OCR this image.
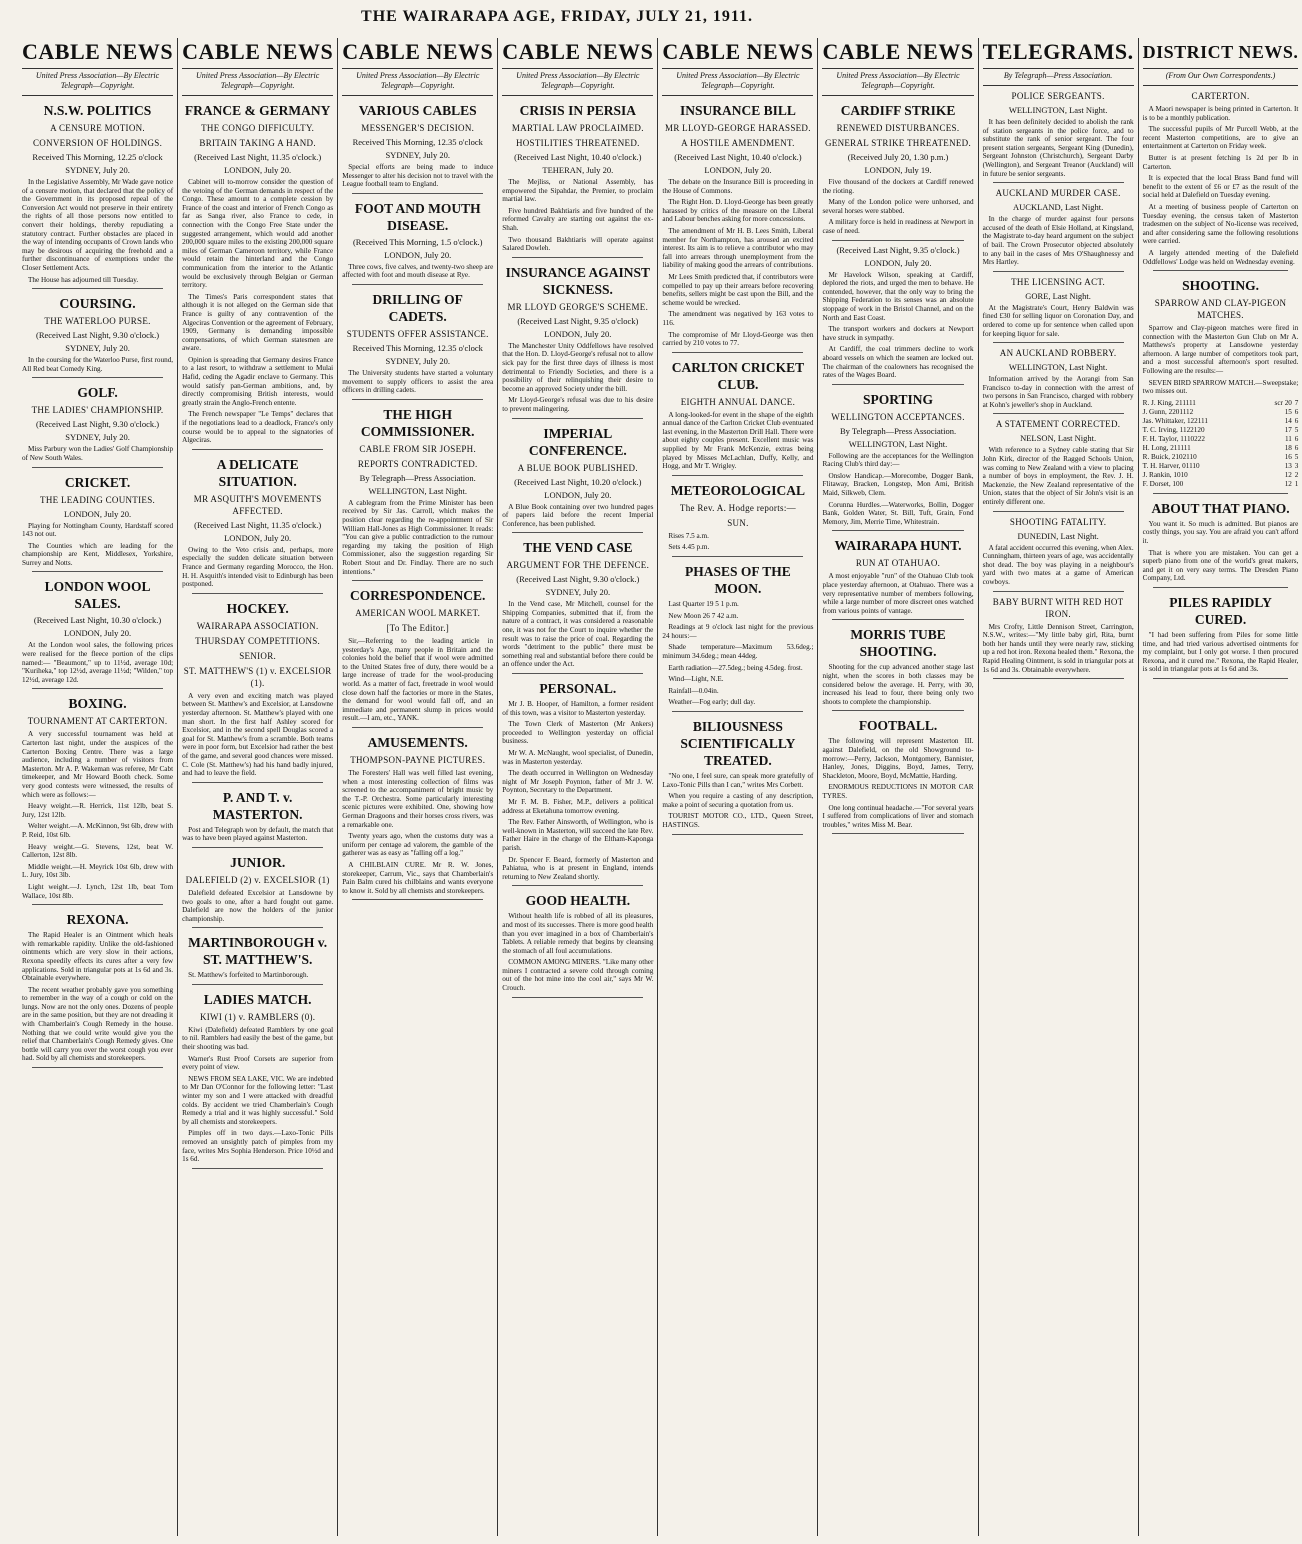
THE WAIRARAPA AGE, FRIDAY, JULY 21, 1911.
CABLE NEWS
United Press Association—By Electric Telegraph—Copyright.
N.S.W. POLITICS
A CENSURE MOTION.
CONVERSION OF HOLDINGS.
Received This Morning, 12.25 o'clock
SYDNEY, July 20.

In the Legislative Assembly, Mr Wade gave notice of a censure motion, that declared that the policy of the Government in its proposed repeal of the Conversion Act would not preserve in their entirety the rights of all those persons now entitled to convert their holdings, thereby repudiating a statutory contract. Further obstacles are placed in the way of intending occupants of Crown lands who may be desirous of acquiring the freehold and a further discontinuance of exemptions under the Closer Settlement Acts.

The House has adjourned till Tuesday.

COURSING.
THE WATERLOO PURSE.
(Received Last Night, 9.30 o'clock.)
SYDNEY, July 20.

In the coursing for the Waterloo Purse, first round, All Red beat Comedy King.

GOLF.
THE LADIES' CHAMPIONSHIP.
(Received Last Night, 9.30 o'clock.)
SYDNEY, July 20.

Miss Parbury won the Ladies' Golf Championship of New South Wales.

CRICKET.
THE LEADING COUNTIES.
LONDON, July 20.

Playing for Nottingham County, Hardstaff scored 143 not out.

The Counties which are leading for the championship are Kent, Middlesex, Yorkshire, Surrey and Notts.

LONDON WOOL SALES.
(Received Last Night, 10.30 o'clock.)
LONDON, July 20.

At the London wool sales, the following prices were realised for the fleece portion of the clips named:— "Beaumont," up to 11½d, average 10d; "Kuriheka," top 12½d, average 11½d; "Wilden," top 12½d, average 12d.

BOXING.
TOURNAMENT AT CARTERTON.

A very successful tournament was held at Carterton last night, under the auspices of the Carterton Boxing Centre. There was a large audience, including a number of visitors from Masterton. Mr A. P. Wakeman was referee, Mr Cabt timekeeper, and Mr Howard Booth check. Some very good contests were witnessed, the results of which were as follows:—

Heavy weight.—R. Herrick, 11st 12lb, beat S. Jury, 12st 12lb.

Welter weight.—A. McKinnon, 9st 6lb, drew with P. Reid, 10st 6lb.

Heavy weight.—G. Stevens, 12st, beat W. Callerton, 12st 8lb.

Middle weight.—H. Meyrick 10st 6lb, drew with L. Jury, 10st 3lb.

Light weight.—J. Lynch, 12st 1lb, beat Tom Wallace, 10st 8lb.

REXONA.

The Rapid Healer is an Ointment which heals with remarkable rapidity. Unlike the old-fashioned ointments which are very slow in their actions, Rexona speedily effects its cures after a very few applications. Sold in triangular pots at 1s 6d and 3s. Obtainable everywhere.

The recent weather probably gave you something to remember in the way of a cough or cold on the lungs. Now are not the only ones. Dozens of people are in the same position, but they are not dreading it with Chamberlain's Cough Remedy in the house. Nothing that we could write would give you the relief that Chamberlain's Cough Remedy gives. One bottle will carry you over the worst cough you ever had. Sold by all chemists and storekeepers.

CABLE NEWS
United Press Association—By Electric Telegraph—Copyright.
FRANCE & GERMANY
THE CONGO DIFFICULTY.
BRITAIN TAKING A HAND.
(Received Last Night, 11.35 o'clock.)
LONDON, July 20.

Cabinet will to-morrow consider the question of the vetoing of the German demands in respect of the Congo. These amount to a complete cession by France of the coast and interior of French Congo as far as Sanga river, also France to cede, in connection with the Congo Free State under the suggested arrangement, which would add another 200,000 square miles to the existing 200,000 square miles of German Cameroon territory, while France would retain the hinterland and the Congo communication from the interior to the Atlantic would be exclusively through Belgian or German territory.

The Times's Paris correspondent states that although it is not alleged on the German side that France is guilty of any contravention of the Algeciras Convention or the agreement of February, 1909, Germany is demanding impossible compensations, of which German statesmen are aware.

Opinion is spreading that Germany desires France to a last resort, to withdraw a settlement to Mulai Hafid, ceding the Agadir enclave to Germany. This would satisfy pan-German ambitions, and, by directly compromising British interests, would greatly strain the Anglo-French entente.

The French newspaper "Le Temps" declares that if the negotiations lead to a deadlock, France's only course would be to appeal to the signatories of Algeciras.

A DELICATE SITUATION.
MR ASQUITH'S MOVEMENTS AFFECTED.
(Received Last Night, 11.35 o'clock.)
LONDON, July 20.

Owing to the Veto crisis and, perhaps, more especially the sudden delicate situation between France and Germany regarding Morocco, the Hon. H. H. Asquith's intended visit to Edinburgh has been postponed.

HOCKEY.
WAIRARAPA ASSOCIATION.
THURSDAY COMPETITIONS.
SENIOR.
ST. MATTHEW'S (1) v. EXCELSIOR (1).

A very even and exciting match was played between St. Matthew's and Excelsior, at Lansdowne yesterday afternoon. St. Matthew's played with one man short. In the first half Ashley scored for Excelsior, and in the second spell Douglas scored a goal for St. Matthew's from a scramble. Both teams were in poor form, but Excelsior had rather the best of the game, and several good chances were missed. C. Cole (St. Matthew's) had his hand badly injured, and had to leave the field.

P. AND T. v. MASTERTON.

Post and Telegraph won by default, the match that was to have been played against Masterton.

JUNIOR.
DALEFIELD (2) v. EXCELSIOR (1)

Dalefield defeated Excelsior at Lansdowne by two goals to one, after a hard fought out game. Dalefield are now the holders of the junior championship.

MARTINBOROUGH v. ST. MATTHEW'S.

St. Matthew's forfeited to Martinborough.

LADIES MATCH.
KIWI (1) v. RAMBLERS (0).

Kiwi (Dalefield) defeated Ramblers by one goal to nil. Ramblers had easily the best of the game, but their shooting was bad.

Warner's Rust Proof Corsets are superior from every point of view.

NEWS FROM SEA LAKE, VIC. We are indebted to Mr Dan O'Connor for the following letter: "Last winter my son and I were attacked with dreadful colds. By accident we tried Chamberlain's Cough Remedy a trial and it was highly successful." Sold by all chemists and storekeepers.

Pimples off in two days.—Laxo-Tonic Pills removed an unsightly patch of pimples from my face, writes Mrs Sophia Henderson. Price 10½d and 1s 6d.

CABLE NEWS
United Press Association—By Electric Telegraph—Copyright.
VARIOUS CABLES
MESSENGER'S DECISION.
Received This Morning, 12.35 o'clock
SYDNEY, July 20.

Special efforts are being made to induce Messenger to alter his decision not to travel with the League football team to England.

FOOT AND MOUTH DISEASE.
(Received This Morning, 1.5 o'clock.)
LONDON, July 20.

Three cows, five calves, and twenty-two sheep are affected with foot and mouth disease at Rye.

DRILLING OF CADETS.
STUDENTS OFFER ASSISTANCE.
Received This Morning, 12.35 o'clock
SYDNEY, July 20.

The University students have started a voluntary movement to supply officers to assist the area officers in drilling cadets.

THE HIGH COMMISSIONER.
CABLE FROM SIR JOSEPH.
REPORTS CONTRADICTED.
By Telegraph—Press Association.
WELLINGTON, Last Night.

A cablegram from the Prime Minister has been received by Sir Jas. Carroll, which makes the position clear regarding the re-appointment of Sir William Hall-Jones as High Commissioner. It reads: "You can give a public contradiction to the rumour regarding my taking the position of High Commissioner, also the suggestion regarding Sir Robert Stout and Dr. Findlay. There are no such intentions."

CORRESPONDENCE.
AMERICAN WOOL MARKET.
[To The Editor.]

Sir,—Referring to the leading article in yesterday's Age, many people in Britain and the colonies hold the belief that if wool were admitted to the United States free of duty, there would be a large increase of trade for the wool-producing world. As a matter of fact, freetrade in wool would close down half the factories or more in the States, the demand for wool would fall off, and an immediate and permanent slump in prices would result.—I am, etc., YANK.

AMUSEMENTS.
THOMPSON-PAYNE PICTURES.

The Foresters' Hall was well filled last evening, when a most interesting collection of films was screened to the accompaniment of bright music by the T.-P. Orchestra. Some particularly interesting scenic pictures were exhibited. One, showing how German Dragoons and their horses cross rivers, was a remarkable one.

Twenty years ago, when the customs duty was a uniform per centage ad valorem, the gamble of the gatherer was as easy as "falling off a log."

A CHILBLAIN CURE. Mr R. W. Jones, storekeeper, Carrum, Vic., says that Chamberlain's Pain Balm cured his chilblains and wants everyone to know it. Sold by all chemists and storekeepers.

CABLE NEWS
United Press Association—By Electric Telegraph—Copyright.
CRISIS IN PERSIA
MARTIAL LAW PROCLAIMED.
HOSTILITIES THREATENED.
(Received Last Night, 10.40 o'clock.)
TEHERAN, July 20.

The Mejliss, or National Assembly, has empowered the Sipahdar, the Premier, to proclaim martial law.

Five hundred Bakhtiaris and five hundred of the reformed Cavalry are starting out against the ex-Shah.

Two thousand Bakhtiaris will operate against Salared Dowleh.

INSURANCE AGAINST SICKNESS.
MR LLOYD GEORGE'S SCHEME.
(Received Last Night, 9.35 o'clock)
LONDON, July 20.

The Manchester Unity Oddfellows have resolved that the Hon. D. Lloyd-George's refusal not to allow sick pay for the first three days of illness is most detrimental to Friendly Societies, and there is a possibility of their relinquishing their desire to become an approved Society under the bill.

Mr Lloyd-George's refusal was due to his desire to prevent malingering.

IMPERIAL CONFERENCE.
A BLUE BOOK PUBLISHED.
(Received Last Night, 10.20 o'clock.)
LONDON, July 20.

A Blue Book containing over two hundred pages of papers laid before the recent Imperial Conference, has been published.

THE VEND CASE
ARGUMENT FOR THE DEFENCE.
(Received Last Night, 9.30 o'clock.)
SYDNEY, July 20.

In the Vend case, Mr Mitchell, counsel for the Shipping Companies, submitted that if, from the nature of a contract, it was considered a reasonable one, it was not for the Court to inquire whether the result was to raise the price of coal. Regarding the words "detriment to the public" there must be something real and substantial before there could be an offence under the Act.

PERSONAL.

Mr J. B. Hooper, of Hamilton, a former resident of this town, was a visitor to Masterton yesterday.

The Town Clerk of Masterton (Mr Ankers) proceeded to Wellington yesterday on official business.

Mr W. A. McNaught, wool specialist, of Dunedin, was in Masterton yesterday.

The death occurred in Wellington on Wednesday night of Mr Joseph Poynton, father of Mr J. W. Poynton, Secretary to the Department.

Mr F. M. B. Fisher, M.P., delivers a political address at Eketahuna tomorrow evening.

The Rev. Father Ainsworth, of Wellington, who is well-known in Masterton, will succeed the late Rev. Father Haire in the charge of the Eltham-Kaponga parish.

Dr. Spencer F. Beard, formerly of Masterton and Pahiatua, who is at present in England, intends returning to New Zealand shortly.

GOOD HEALTH.

Without health life is robbed of all its pleasures, and most of its successes. There is more good health than you ever imagined in a box of Chamberlain's Tablets. A reliable remedy that begins by cleansing the stomach of all foul accumulations.

COMMON AMONG MINERS. "Like many other miners I contracted a severe cold through coming out of the hot mine into the cool air," says Mr W. Crouch.

CABLE NEWS
United Press Association—By Electric Telegraph—Copyright.
INSURANCE BILL
MR LLOYD-GEORGE HARASSED.
A HOSTILE AMENDMENT.
(Received Last Night, 10.40 o'clock.)
LONDON, July 20.

The debate on the Insurance Bill is proceeding in the House of Commons.

The Right Hon. D. Lloyd-George has been greatly harassed by critics of the measure on the Liberal and Labour benches asking for more concessions.

The amendment of Mr H. B. Lees Smith, Liberal member for Northampton, has aroused an excited interest. Its aim is to relieve a contributor who may fall into arrears through unemployment from the liability of making good the arrears of contributions.

Mr Lees Smith predicted that, if contributors were compelled to pay up their arrears before recovering benefits, sellers might be cast upon the Bill, and the scheme would be wrecked.

The amendment was negatived by 163 votes to 116.

The compromise of Mr Lloyd-George was then carried by 210 votes to 77.

CARLTON CRICKET CLUB.
EIGHTH ANNUAL DANCE.

A long-looked-for event in the shape of the eighth annual dance of the Carlton Cricket Club eventuated last evening, in the Masterton Drill Hall. There were about eighty couples present. Excellent music was supplied by Mr Frank McKenzie, extras being played by Misses McLachlan, Duffy, Kelly, and Hogg, and Mr T. Wrigley.

METEOROLOGICAL
The Rev. A. Hodge reports:—
SUN.

Rises 7.5 a.m.

Sets 4.45 p.m.

PHASES OF THE MOON.

Last Quarter 19 5 1 p.m.

New Moon 26 7 42 a.m.

Readings at 9 o'clock last night for the previous 24 hours:—

Shade temperature—Maximum 53.6deg.; minimum 34.6deg.; mean 44deg.

Earth radiation—27.5deg.; being 4.5deg. frost.

Wind—Light, N.E.

Rainfall—0.04in.

Weather—Fog early; dull day.

BILIOUSNESS SCIENTIFICALLY TREATED.

"No one, I feel sure, can speak more gratefully of Laxo-Tonic Pills than I can," writes Mrs Corbett.

When you require a casting of any description, make a point of securing a quotation from us.

TOURIST MOTOR CO., LTD., Queen Street, HASTINGS.

CABLE NEWS
United Press Association—By Electric Telegraph—Copyright.
CARDIFF STRIKE
RENEWED DISTURBANCES.
GENERAL STRIKE THREATENED.
(Received July 20, 1.30 p.m.)
LONDON, July 19.

Five thousand of the dockers at Cardiff renewed the rioting.

Many of the London police were unhorsed, and several horses were stabbed.

A military force is held in readiness at Newport in case of need.

(Received Last Night, 9.35 o'clock.)
LONDON, July 20.

Mr Havelock Wilson, speaking at Cardiff, deplored the riots, and urged the men to behave. He contended, however, that the only way to bring the Shipping Federation to its senses was an absolute stoppage of work in the Bristol Channel, and on the North and East Coast.

The transport workers and dockers at Newport have struck in sympathy.

At Cardiff, the coal trimmers decline to work aboard vessels on which the seamen are locked out. The chairman of the coalowners has recognised the rates of the Wages Board.

SPORTING
WELLINGTON ACCEPTANCES.
By Telegraph—Press Association.
WELLINGTON, Last Night.

Following are the acceptances for the Wellington Racing Club's third day:—

Onslow Handicap.—Morecombe, Dogger Bank, Flitaway, Bracken, Longstep, Mon Ami, British Maid, Silkweb, Clem.

Corunna Hurdles.—Waterworks, Bollin, Dogger Bank, Golden Water, St. Bill, Tuft, Grain, Fond Memory, Jim, Merrie Time, Whitestrain.

WAIRARAPA HUNT.
RUN AT OTAHUAO.

A most enjoyable "run" of the Otahuao Club took place yesterday afternoon, at Otahuao. There was a very representative number of members following, while a large number of more discreet ones watched from various points of vantage.

MORRIS TUBE SHOOTING.

Shooting for the cup advanced another stage last night, when the scores in both classes may be considered below the average. H. Perry, with 30, increased his lead to four, there being only two shoots to complete the championship.

FOOTBALL.

The following will represent Masterton III. against Dalefield, on the old Showground to-morrow:—Perry, Jackson, Montgomery, Bannister, Hanley, Jones, Diggins, Boyd, James, Terry, Shackleton, Moore, Boyd, McMattie, Harding.

ENORMOUS REDUCTIONS IN MOTOR CAR TYRES.

One long continual headache.—"For several years I suffered from complications of liver and stomach troubles," writes Miss M. Bear.

TELEGRAMS.
By Telegraph—Press Association.
POLICE SERGEANTS.
WELLINGTON, Last Night.

It has been definitely decided to abolish the rank of station sergeants in the police force, and to substitute the rank of senior sergeant. The four present station sergeants, Sergeant King (Dunedin), Sergeant Johnston (Christchurch), Sergeant Darby (Wellington), and Sergeant Treanor (Auckland) will in future be senior sergeants.

AUCKLAND MURDER CASE.
AUCKLAND, Last Night.

In the charge of murder against four persons accused of the death of Elsie Holland, at Kingsland, the Magistrate to-day heard argument on the subject of bail. The Crown Prosecutor objected absolutely to any bail in the cases of Mrs O'Shaughnessy and Mrs Hartley.

THE LICENSING ACT.
GORE, Last Night.

At the Magistrate's Court, Henry Baldwin was fined £30 for selling liquor on Coronation Day, and ordered to come up for sentence when called upon for keeping liquor for sale.

AN AUCKLAND ROBBERY.
WELLINGTON, Last Night.

Information arrived by the Aorangi from San Francisco to-day in connection with the arrest of two persons in San Francisco, charged with robbery at Kohn's jeweller's shop in Auckland.

A STATEMENT CORRECTED.
NELSON, Last Night.

With reference to a Sydney cable stating that Sir John Kirk, director of the Ragged Schools Union, was coming to New Zealand with a view to placing a number of boys in employment, the Rev. J. H. Mackenzie, the New Zealand representative of the Union, states that the object of Sir John's visit is an entirely different one.

SHOOTING FATALITY.
DUNEDIN, Last Night.

A fatal accident occurred this evening, when Alex. Cunningham, thirteen years of age, was accidentally shot dead. The boy was playing in a neighbour's yard with two mates at a game of American cowboys.

BABY BURNT WITH RED HOT IRON.

Mrs Crofty, Little Dennison Street, Carrington, N.S.W., writes:—"My little baby girl, Rita, burnt both her hands until they were nearly raw, sticking up a red hot iron. Rexona healed them." Rexona, the Rapid Healing Ointment, is sold in triangular pots at 1s 6d and 3s. Obtainable everywhere.

DISTRICT NEWS.
(From Our Own Correspondents.)
CARTERTON.

A Maori newspaper is being printed in Carterton. It is to be a monthly publication.

The successful pupils of Mr Purcell Webb, at the recent Masterton competitions, are to give an entertainment at Carterton on Friday week.

Butter is at present fetching 1s 2d per lb in Carterton.

It is expected that the local Brass Band fund will benefit to the extent of £6 or £7 as the result of the social held at Dalefield on Tuesday evening.

At a meeting of business people of Carterton on Tuesday evening, the census taken of Masterton tradesmen on the subject of No-license was received, and after considering same the following resolutions were carried.

A largely attended meeting of the Dalefield Oddfellows' Lodge was held on Wednesday evening.

SHOOTING.
SPARROW AND CLAY-PIGEON MATCHES.

Sparrow and Clay-pigeon matches were fired in connection with the Masterton Gun Club on Mr A. Matthews's property at Lansdowne yesterday afternoon. A large number of competitors took part, and a most successful afternoon's sport resulted. Following are the results:—

SEVEN BIRD SPARROW MATCH.—Sweepstake; two misses out.

R. J. King, 211111	scr 20	7
J. Gunn, 2201112	15	6
Jas. Whittaker, 122111	14	6
T. C. Irving, 1122120	17	5
F. H. Taylor, 1110222	11	6
H. Long, 211111	18	6
R. Buick, 2102110	16	5
T. H. Harver, 01110	13	3
J. Rankin, 1010	12	2
F. Dorset, 100	12	1
ABOUT THAT PIANO.

You want it. So much is admitted. But pianos are costly things, you say. You are afraid you can't afford it.

That is where you are mistaken. You can get a superb piano from one of the world's great makers, and get it on very easy terms. The Dresden Piano Company, Ltd.

PILES RAPIDLY CURED.

"I had been suffering from Piles for some little time, and had tried various advertised ointments for my complaint, but I only got worse. I then procured Rexona, and it cured me." Rexona, the Rapid Healer, is sold in triangular pots at 1s 6d and 3s.
